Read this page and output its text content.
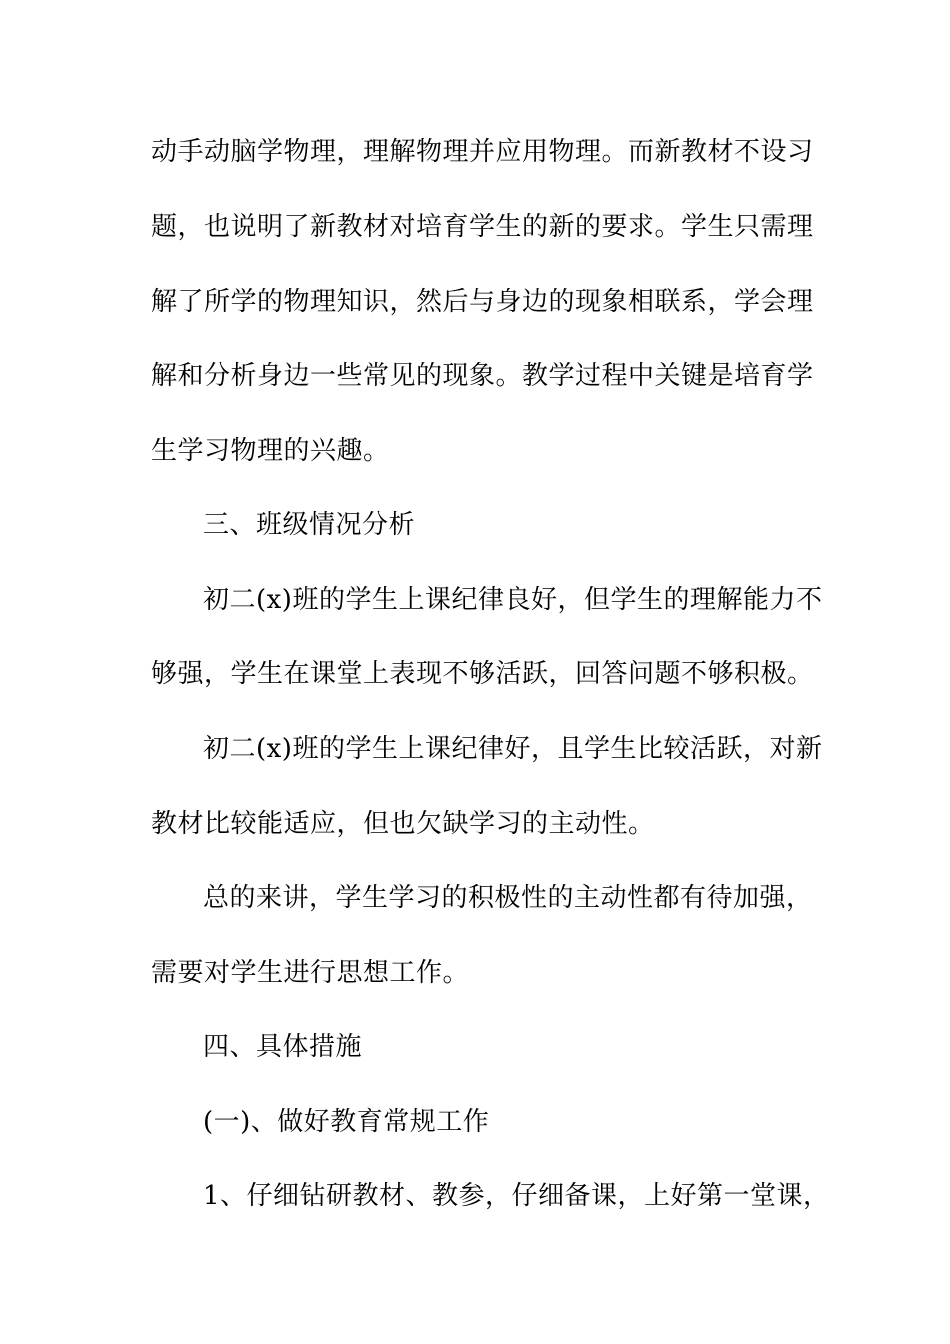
动手动脑学物理，理解物理并应用物理。而新教材不设习

题，也说明了新教材对培育学生的新的要求。学生只需理

解了所学的物理知识，然后与身边的现象相联系，学会理

解和分析身边一些常见的现象。教学过程中关键是培育学

生学习物理的兴趣。

三、班级情况分析

初二(x)班的学生上课纪律良好，但学生的理解能力不

够强，学生在课堂上表现不够活跃，回答问题不够积极。

初二(x)班的学生上课纪律好，且学生比较活跃，对新

教材比较能适应，但也欠缺学习的主动性。

总的来讲，学生学习的积极性的主动性都有待加强，

需要对学生进行思想工作。

四、具体措施

(一)、做好教育常规工作

1、仔细钻研教材、教参，仔细备课，上好第一堂课，
